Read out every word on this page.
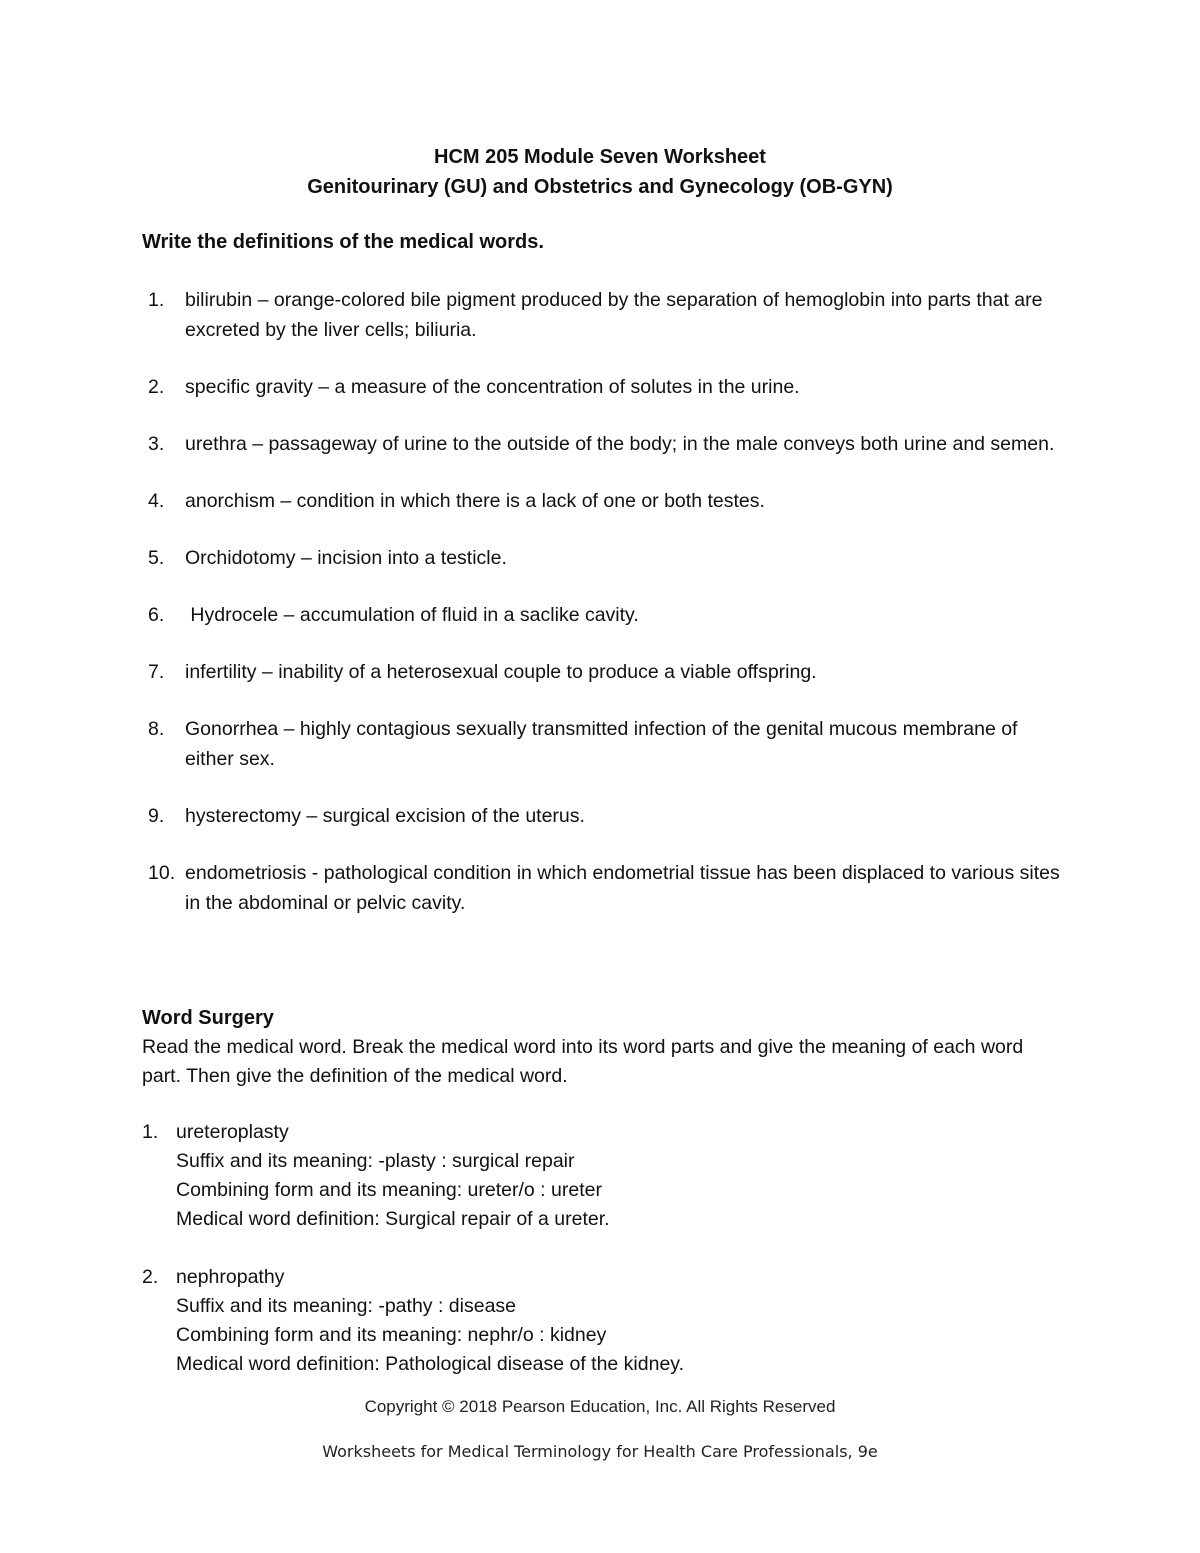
HCM 205 Module Seven Worksheet
Genitourinary (GU) and Obstetrics and Gynecology (OB-GYN)
Write the definitions of the medical words.
1. bilirubin – orange-colored bile pigment produced by the separation of hemoglobin into parts that are excreted by the liver cells; biliuria.
2. specific gravity – a measure of the concentration of solutes in the urine.
3. urethra – passageway of urine to the outside of the body; in the male conveys both urine and semen.
4. anorchism – condition in which there is a lack of one or both testes.
5. Orchidotomy – incision into a testicle.
6. Hydrocele – accumulation of fluid in a saclike cavity.
7. infertility – inability of a heterosexual couple to produce a viable offspring.
8. Gonorrhea – highly contagious sexually transmitted infection of the genital mucous membrane of either sex.
9. hysterectomy – surgical excision of the uterus.
10. endometriosis - pathological condition in which endometrial tissue has been displaced to various sites in the abdominal or pelvic cavity.
Word Surgery
Read the medical word. Break the medical word into its word parts and give the meaning of each word part. Then give the definition of the medical word.
1. ureteroplasty
Suffix and its meaning: -plasty : surgical repair
Combining form and its meaning: ureter/o : ureter
Medical word definition: Surgical repair of a ureter.
2. nephropathy
Suffix and its meaning: -pathy : disease
Combining form and its meaning: nephr/o : kidney
Medical word definition: Pathological disease of the kidney.
Copyright © 2018 Pearson Education, Inc. All Rights Reserved
Worksheets for Medical Terminology for Health Care Professionals, 9e
